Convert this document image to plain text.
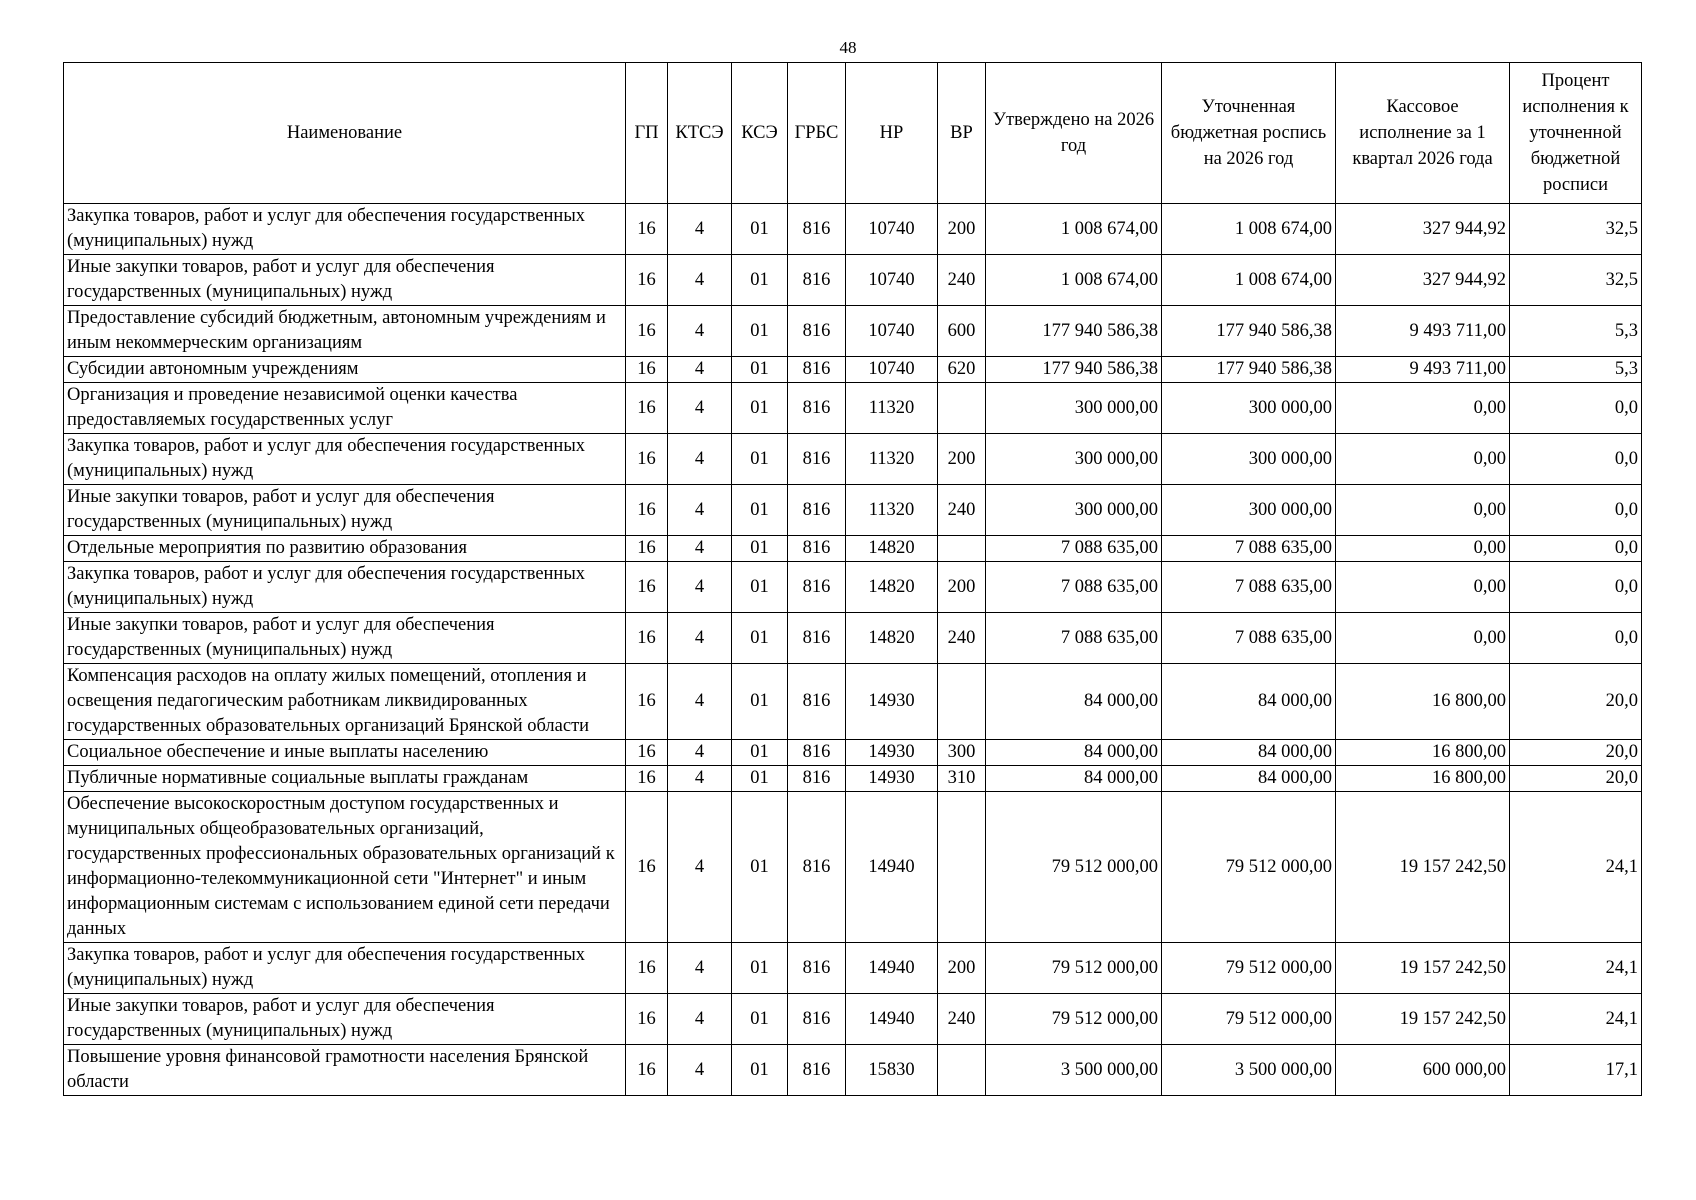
48
Наименование	ГП	КТСЭ	КСЭ	ГРБС	НР	ВР	Утверждено на 2026 год	Уточненная бюджетная роспись на 2026 год	Кассовое исполнение за 1 квартал 2026 года	Процент исполнения к уточненной бюджетной росписи
Закупка товаров, работ и услуг для обеспечения государственных (муниципальных) нужд	16	4	01	816	10740	200	1 008 674,00	1 008 674,00	327 944,92	32,5
Иные закупки товаров, работ и услуг для обеспечения государственных (муниципальных) нужд	16	4	01	816	10740	240	1 008 674,00	1 008 674,00	327 944,92	32,5
Предоставление субсидий бюджетным, автономным учреждениям и иным некоммерческим организациям	16	4	01	816	10740	600	177 940 586,38	177 940 586,38	9 493 711,00	5,3
Субсидии автономным учреждениям	16	4	01	816	10740	620	177 940 586,38	177 940 586,38	9 493 711,00	5,3
Организация и проведение независимой оценки качества предоставляемых государственных услуг	16	4	01	816	11320		300 000,00	300 000,00	0,00	0,0
Закупка товаров, работ и услуг для обеспечения государственных (муниципальных) нужд	16	4	01	816	11320	200	300 000,00	300 000,00	0,00	0,0
Иные закупки товаров, работ и услуг для обеспечения государственных (муниципальных) нужд	16	4	01	816	11320	240	300 000,00	300 000,00	0,00	0,0
Отдельные мероприятия по развитию образования	16	4	01	816	14820		7 088 635,00	7 088 635,00	0,00	0,0
Закупка товаров, работ и услуг для обеспечения государственных (муниципальных) нужд	16	4	01	816	14820	200	7 088 635,00	7 088 635,00	0,00	0,0
Иные закупки товаров, работ и услуг для обеспечения государственных (муниципальных) нужд	16	4	01	816	14820	240	7 088 635,00	7 088 635,00	0,00	0,0
Компенсация расходов на оплату жилых помещений, отопления и освещения педагогическим работникам ликвидированных государственных образовательных организаций Брянской области	16	4	01	816	14930		84 000,00	84 000,00	16 800,00	20,0
Социальное обеспечение и иные выплаты населению	16	4	01	816	14930	300	84 000,00	84 000,00	16 800,00	20,0
Публичные нормативные социальные выплаты гражданам	16	4	01	816	14930	310	84 000,00	84 000,00	16 800,00	20,0
Обеспечение высокоскоростным доступом государственных и муниципальных общеобразовательных организаций, государственных профессиональных образовательных организаций к информационно-телекоммуникационной сети "Интернет" и иным информационным системам с использованием единой сети передачи данных	16	4	01	816	14940		79 512 000,00	79 512 000,00	19 157 242,50	24,1
Закупка товаров, работ и услуг для обеспечения государственных (муниципальных) нужд	16	4	01	816	14940	200	79 512 000,00	79 512 000,00	19 157 242,50	24,1
Иные закупки товаров, работ и услуг для обеспечения государственных (муниципальных) нужд	16	4	01	816	14940	240	79 512 000,00	79 512 000,00	19 157 242,50	24,1
Повышение уровня финансовой грамотности населения Брянской области	16	4	01	816	15830		3 500 000,00	3 500 000,00	600 000,00	17,1
